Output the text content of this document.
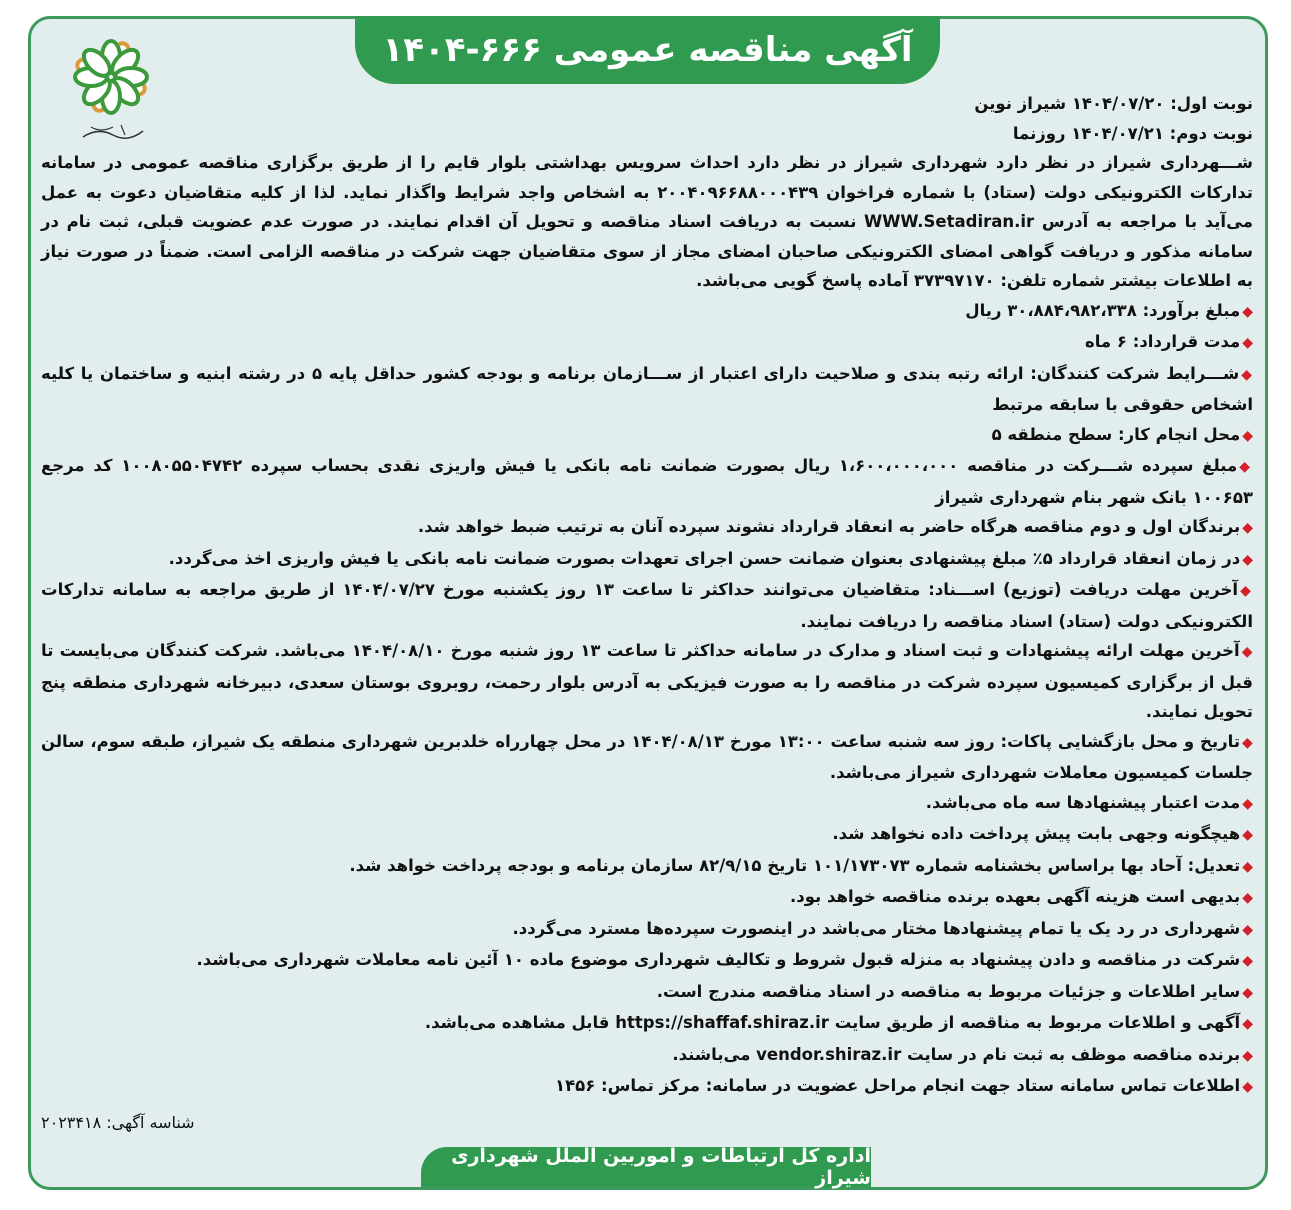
آگهی مناقصه عمومی ۶۶۶-۱۴۰۴

نوبت اول: ۱۴۰۴/۰۷/۲۰ شیراز نوین

نوبت دوم: ۱۴۰۴/۰۷/۲۱ روزنما

شـــهرداری شیراز در نظر دارد شهرداری شیراز در نظر دارد احداث سرویس بهداشتی بلوار قایم را از طریق برگزاری مناقصه عمومی در سامانه تدارکات الکترونیکی دولت (ستاد) با شماره فراخوان ۲۰۰۴۰۹۶۶۸۸۰۰۰۴۳۹ به اشخاص واجد شرایط واگذار نماید. لذا از کلیه متقاضیان دعوت به عمل می‌آید با مراجعه به آدرس WWW.Setadiran.ir نسبت به دریافت اسناد مناقصه و تحویل آن اقدام نمایند. در صورت عدم عضویت قبلی، ثبت نام در سامانه مذکور و دریافت گواهی امضای الکترونیکی صاحبان امضای مجاز از سوی متقاضیان جهت شرکت در مناقصه الزامی است. ضمناً در صورت نیاز به اطلاعات بیشتر شماره تلفن: ۳۷۳۹۷۱۷۰ آماده پاسخ گویی می‌باشد.

◆مبلغ برآورد: ۳۰،۸۸۴،۹۸۲،۳۳۸ ریال

◆مدت قرارداد: ۶ ماه

◆شـــرایط شرکت کنندگان: ارائه رتبه بندی و صلاحیت دارای اعتبار از ســـازمان برنامه و بودجه کشور حداقل پایه ۵ در رشته ابنیه و ساختمان یا کلیه اشخاص حقوقی با سابقه مرتبط

◆محل انجام کار: سطح منطقه ۵

◆مبلغ سپرده شـــرکت در مناقصه ۱،۶۰۰،۰۰۰،۰۰۰ ریال بصورت ضمانت نامه بانکی یا فیش واریزی نقدی بحساب سپرده ۱۰۰۸۰۵۵۰۴۷۴۲ کد مرجع ۱۰۰۶۵۳ بانک شهر بنام شهرداری شیراز

◆برندگان اول و دوم مناقصه هرگاه حاضر به انعقاد قرارداد نشوند سپرده آنان به ترتیب ضبط خواهد شد.

◆در زمان انعقاد قرارداد ۵٪ مبلغ پیشنهادی بعنوان ضمانت حسن اجرای تعهدات بصورت ضمانت نامه بانکی یا فیش واریزی اخذ می‌گردد.

◆آخرین مهلت دریافت (توزیع) اســـناد: متقاضیان می‌توانند حداکثر تا ساعت ۱۳ روز یکشنبه مورخ ۱۴۰۴/۰۷/۲۷ از طریق مراجعه به سامانه تدارکات الکترونیکی دولت (ستاد) اسناد مناقصه را دریافت نمایند.

◆آخرین مهلت ارائه پیشنهادات و ثبت اسناد و مدارک در سامانه حداکثر تا ساعت ۱۳ روز شنبه مورخ ۱۴۰۴/۰۸/۱۰ می‌باشد. شرکت کنندگان می‌بایست تا قبل از برگزاری کمیسیون سپرده شرکت در مناقصه را به صورت فیزیکی به آدرس بلوار رحمت، روبروی بوستان سعدی، دبیرخانه شهرداری منطقه پنج تحویل نمایند.

◆تاریخ و محل بازگشایی پاکات: روز سه شنبه ساعت ۱۳:۰۰ مورخ ۱۴۰۴/۰۸/۱۳ در محل چهارراه خلدبرین شهرداری منطقه یک شیراز، طبقه سوم، سالن جلسات کمیسیون معاملات شهرداری شیراز می‌باشد.

◆مدت اعتبار پیشنهادها سه ماه می‌باشد.

◆هیچگونه وجهی بابت پیش پرداخت داده نخواهد شد.

◆تعدیل: آحاد بها براساس بخشنامه شماره ۱۰۱/۱۷۳۰۷۳ تاریخ ۸۲/۹/۱۵ سازمان برنامه و بودجه پرداخت خواهد شد.

◆بدیهی است هزینه آگهی بعهده برنده مناقصه خواهد بود.

◆شهرداری در رد یک یا تمام پیشنهادها مختار می‌باشد در اینصورت سپرده‌ها مسترد می‌گردد.

◆شرکت در مناقصه و دادن پیشنهاد به منزله قبول شروط و تکالیف شهرداری موضوع ماده ۱۰ آئین نامه معاملات شهرداری می‌باشد.

◆سایر اطلاعات و جزئیات مربوط به مناقصه در اسناد مناقصه مندرج است.

◆آگهی و اطلاعات مربوط به مناقصه از طریق سایت https://shaffaf.shiraz.ir قابل مشاهده می‌باشد.

◆برنده مناقصه موظف به ثبت نام در سایت vendor.shiraz.ir می‌باشند.

◆اطلاعات تماس سامانه ستاد جهت انجام مراحل عضویت در سامانه: مرکز تماس: ۱۴۵۶

شناسه آگهی: ۲۰۲۳۴۱۸
اداره کل ارتباطات و اموربین الملل شهرداری شیراز
